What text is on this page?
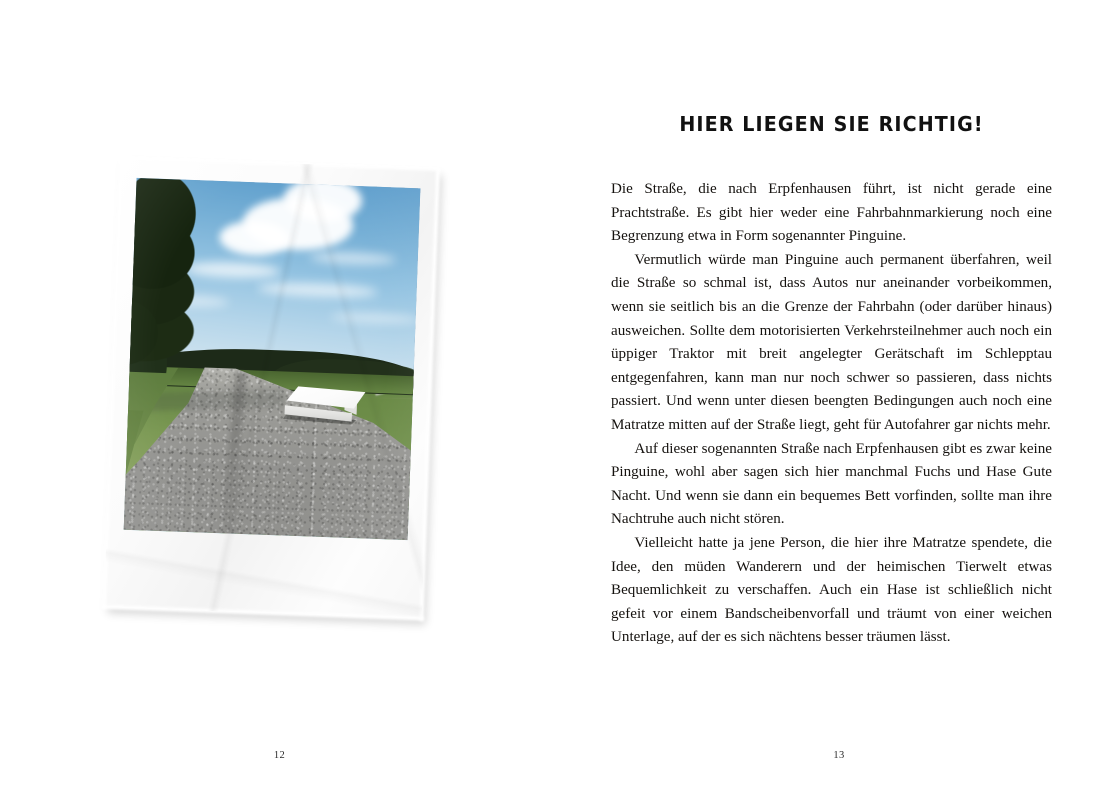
12
HIER LIEGEN SIE RICHTIG!

Die Straße, die nach Erpfenhausen führt, ist nicht gerade eine Prachtstraße. Es gibt hier weder eine Fahrbahnmarkierung noch eine Begrenzung etwa in Form sogenannter Pinguine.

Vermutlich würde man Pinguine auch permanent überfahren, weil die Straße so schmal ist, dass Autos nur aneinander vorbeikommen, wenn sie seitlich bis an die Grenze der Fahrbahn (oder darüber hinaus) ausweichen. Sollte dem motorisierten Verkehrsteilnehmer auch noch ein üppiger Traktor mit breit angelegter Gerätschaft im Schlepptau entgegenfahren, kann man nur noch schwer so passieren, dass nichts passiert. Und wenn unter diesen beengten Bedingungen auch noch eine Matratze mitten auf der Straße liegt, geht für Autofahrer gar nichts mehr.

Auf dieser sogenannten Straße nach Erpfenhausen gibt es zwar keine Pinguine, wohl aber sagen sich hier manchmal Fuchs und Hase Gute Nacht. Und wenn sie dann ein bequemes Bett vorfinden, sollte man ihre Nachtruhe auch nicht stören.

Vielleicht hatte ja jene Person, die hier ihre Matratze spendete, die Idee, den müden Wanderern und der heimischen Tierwelt etwas Bequemlichkeit zu verschaffen. Auch ein Hase ist schließlich nicht gefeit vor einem Bandscheibenvorfall und träumt von einer weichen Unterlage, auf der es sich nächtens besser träumen lässt.

13
